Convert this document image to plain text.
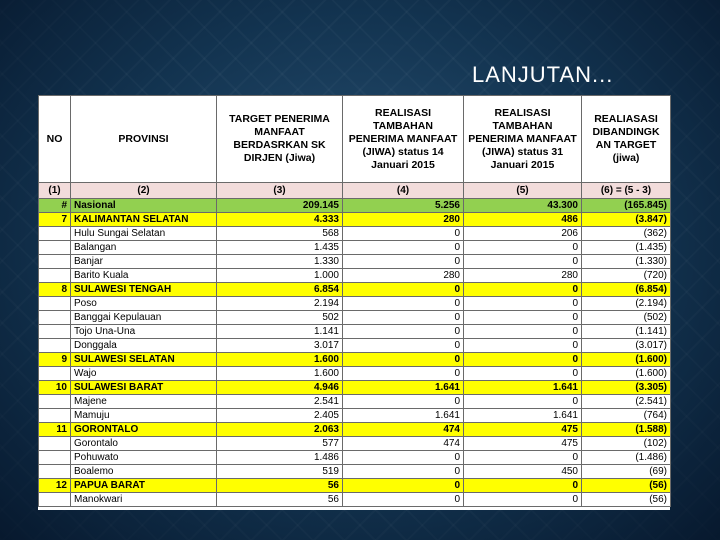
LANJUTAN...
NO	PROVINSI	TARGET PENERIMA MANFAAT BERDASRKAN SK DIRJEN (Jiwa)	REALISASI TAMBAHAN PENERIMA MANFAAT (JIWA) status 14 Januari 2015	REALISASI TAMBAHAN PENERIMA MANFAAT (JIWA) status 31 Januari 2015	REALIASASI DIBANDINGK AN TARGET (jiwa)
(1)	(2)	(3)	(4)	(5)	(6) = (5 - 3)
#	Nasional	209.145	5.256	43.300	(165.845)
7	KALIMANTAN SELATAN	4.333	280	486	(3.847)
	Hulu Sungai Selatan	568	0	206	(362)
	Balangan	1.435	0	0	(1.435)
	Banjar	1.330	0	0	(1.330)
	Barito Kuala	1.000	280	280	(720)
8	SULAWESI TENGAH	6.854	0	0	(6.854)
	Poso	2.194	0	0	(2.194)
	Banggai Kepulauan	502	0	0	(502)
	Tojo Una-Una	1.141	0	0	(1.141)
	Donggala	3.017	0	0	(3.017)
9	SULAWESI SELATAN	1.600	0	0	(1.600)
	Wajo	1.600	0	0	(1.600)
10	SULAWESI BARAT	4.946	1.641	1.641	(3.305)
	Majene	2.541	0	0	(2.541)
	Mamuju	2.405	1.641	1.641	(764)
11	GORONTALO	2.063	474	475	(1.588)
	Gorontalo	577	474	475	(102)
	Pohuwato	1.486	0	0	(1.486)
	Boalemo	519	0	450	(69)
12	PAPUA BARAT	56	0	0	(56)
	Manokwari	56	0	0	(56)
